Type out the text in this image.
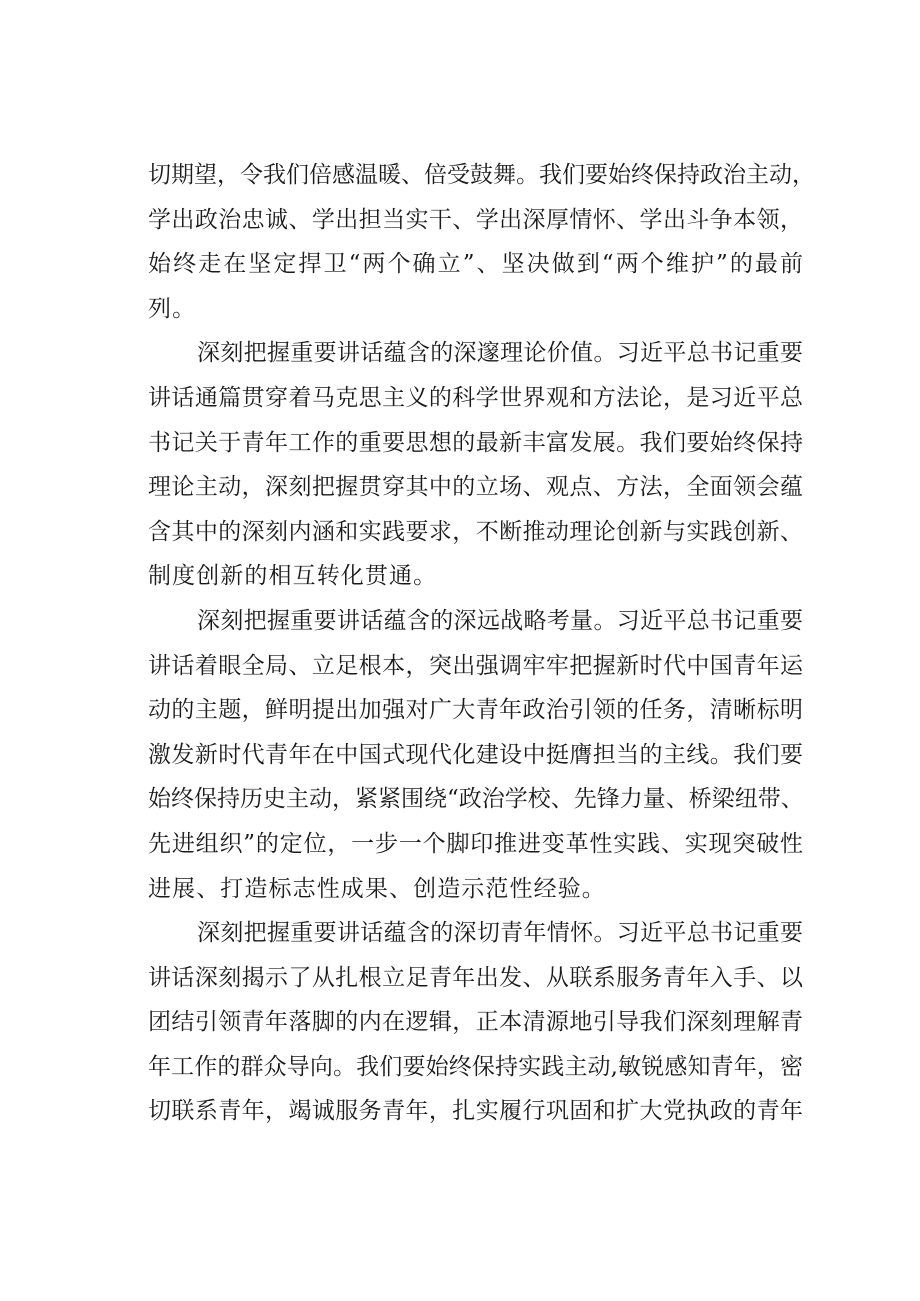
切期望，令我们倍感温暖、倍受鼓舞。我们要始终保持政治主动，
学出政治忠诚、学出担当实干、学出深厚情怀、学出斗争本领，
始终走在坚定捍卫“两个确立”、坚决做到“两个维护”的最前
列。
深刻把握重要讲话蕴含的深邃理论价值。习近平总书记重要
讲话通篇贯穿着马克思主义的科学世界观和方法论，是习近平总
书记关于青年工作的重要思想的最新丰富发展。我们要始终保持
理论主动，深刻把握贯穿其中的立场、观点、方法，全面领会蕴
含其中的深刻内涵和实践要求，不断推动理论创新与实践创新、
制度创新的相互转化贯通。
深刻把握重要讲话蕴含的深远战略考量。习近平总书记重要
讲话着眼全局、立足根本，突出强调牢牢把握新时代中国青年运
动的主题，鲜明提出加强对广大青年政治引领的任务，清晰标明
激发新时代青年在中国式现代化建设中挺膺担当的主线。我们要
始终保持历史主动，紧紧围绕“政治学校、先锋力量、桥梁纽带、
先进组织”的定位，一步一个脚印推进变革性实践、实现突破性
进展、打造标志性成果、创造示范性经验。
深刻把握重要讲话蕴含的深切青年情怀。习近平总书记重要
讲话深刻揭示了从扎根立足青年出发、从联系服务青年入手、以
团结引领青年落脚的内在逻辑，正本清源地引导我们深刻理解青
年工作的群众导向。我们要始终保持实践主动,敏锐感知青年，密
切联系青年，竭诚服务青年，扎实履行巩固和扩大党执政的青年
